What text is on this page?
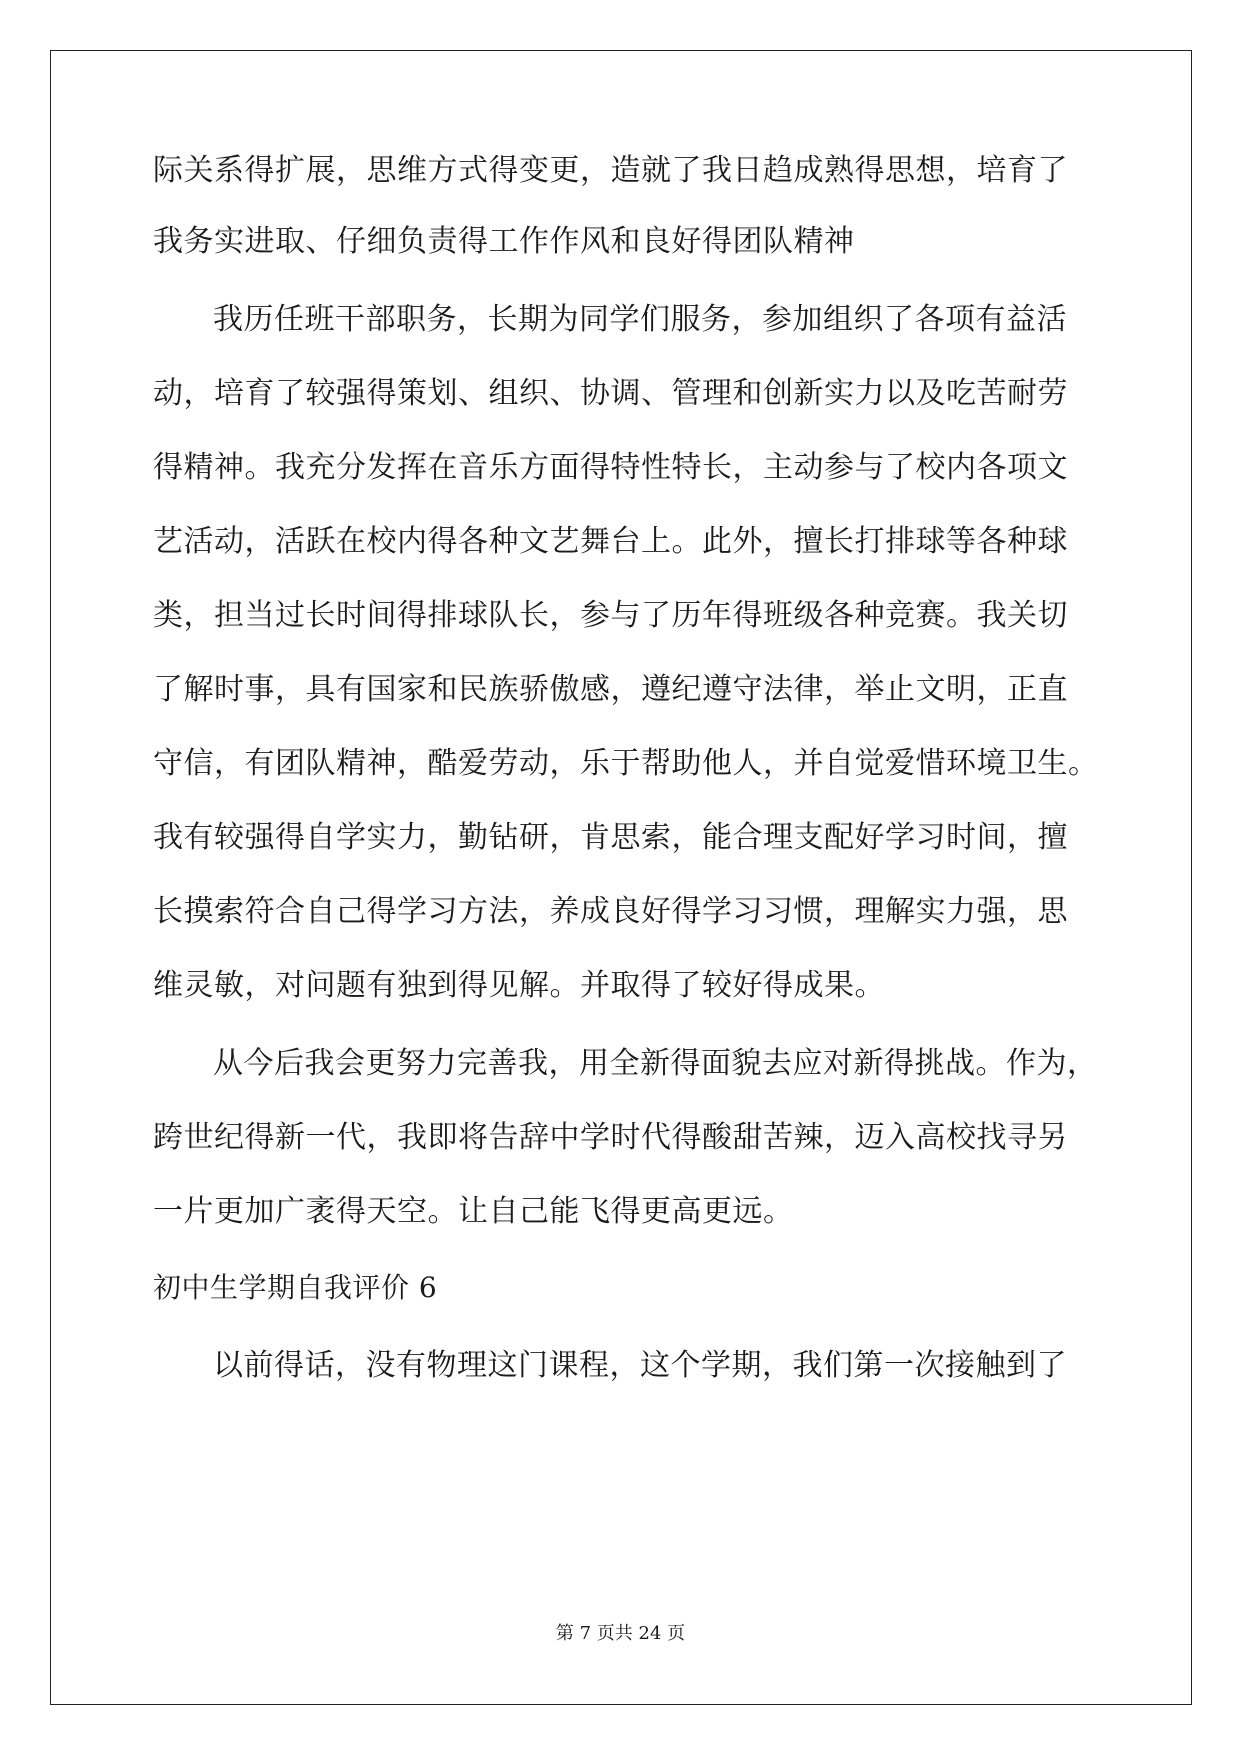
际关系得扩展，思维方式得变更，造就了我日趋成熟得思想，培育了
我务实进取、仔细负责得工作作风和良好得团队精神
我历任班干部职务，长期为同学们服务，参加组织了各项有益活
动，培育了较强得策划、组织、协调、管理和创新实力以及吃苦耐劳
得精神。我充分发挥在音乐方面得特性特长，主动参与了校内各项文
艺活动，活跃在校内得各种文艺舞台上。此外，擅长打排球等各种球
类，担当过长时间得排球队长，参与了历年得班级各种竞赛。我关切
了解时事，具有国家和民族骄傲感，遵纪遵守法律，举止文明，正直
守信，有团队精神，酷爱劳动，乐于帮助他人，并自觉爱惜环境卫生。
我有较强得自学实力，勤钻研，肯思索，能合理支配好学习时间，擅
长摸索符合自己得学习方法，养成良好得学习习惯，理解实力强，思
维灵敏，对问题有独到得见解。并取得了较好得成果。
从今后我会更努力完善我，用全新得面貌去应对新得挑战。作为，
跨世纪得新一代，我即将告辞中学时代得酸甜苦辣，迈入高校找寻另
一片更加广袤得天空。让自己能飞得更高更远。
初中生学期自我评价 6
以前得话，没有物理这门课程，这个学期，我们第一次接触到了
第 7 页共 24 页
